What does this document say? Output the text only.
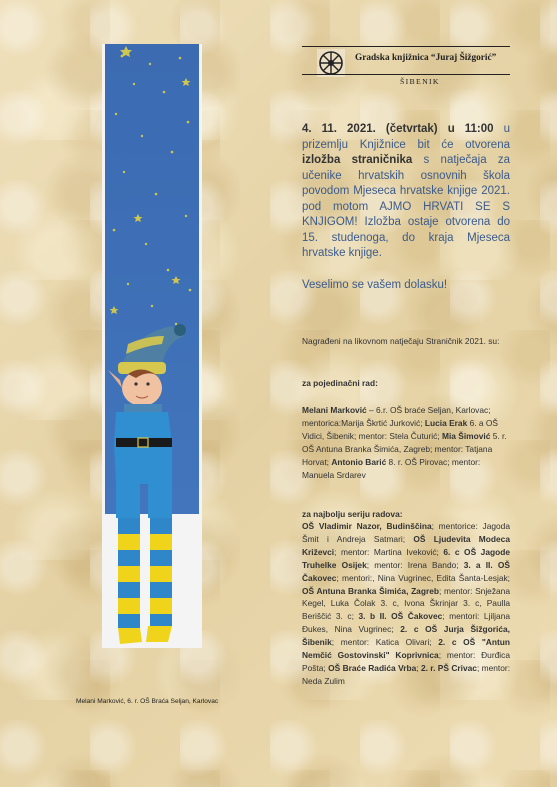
Melani Marković, 6. r. OŠ Braća Seljan, Karlovac
Gradska knjižnica “Juraj Šižgorić”
ŠIBENIK
4. 11. 2021. (četvrtak) u 11:00 u prizemlju Knjižnice bit će otvorena izložba straničnika s natječaja za učenike hrvatskih osnovnih škola povodom Mjeseca hrvatske knjige 2021. pod motom AJMO HRVATI SE S KNJIGOM! Izložba ostaje otvorena do 15. studenoga, do kraja Mjeseca hrvatske knjige.
Veselimo se vašem dolasku!
Nagrađeni na likovnom natječaju Straničnik 2021. su:
za pojedinačni rad:
Melani Marković – 6.r. OŠ braće Seljan, Karlovac; mentorica:Marija Škrtić Jurković; Lucia Erak 6. a OŠ Vidici, Šibenik; mentor: Stela Čuturić; Mia Šimović 5. r. OŠ Antuna Branka Šimića, Zagreb; mentor: Tatjana Horvat; Antonio Barić 8. r. OŠ Pirovac; mentor: Manuela Srdarev
za najbolju seriju radova:
OŠ Vladimir Nazor, Budinščina; mentorice: Jagoda Šmit i Andreja Satmari; OŠ Ljudevita Modeca Križevci; mentor: Martina Iveković; 6. c OŠ Jagode Truhelke Osijek; mentor: Irena Bando; 3. a II. OŠ Čakovec; mentori:, Nina Vugrinec, Edita Šanta-Lesjak; OŠ Antuna Branka Šimića, Zagreb; mentor: Snježana Kegel, Luka Čolak 3. c, Ivona Škrinjar 3. c, Paulla Beriščić 3. c; 3. b II. OŠ Čakovec; mentori: Ljiljana Đukes, Nina Vugrinec; 2. c OŠ Jurja Šižgorića, Šibenik; mentor: Katica Olivari; 2. c OŠ "Antun Nemčić Gostovinski" Koprivnica; mentor: Đurđica Pošta; OŠ Braće Radića Vrba; 2. r. PŠ Crivac; mentor: Neda Zulim
